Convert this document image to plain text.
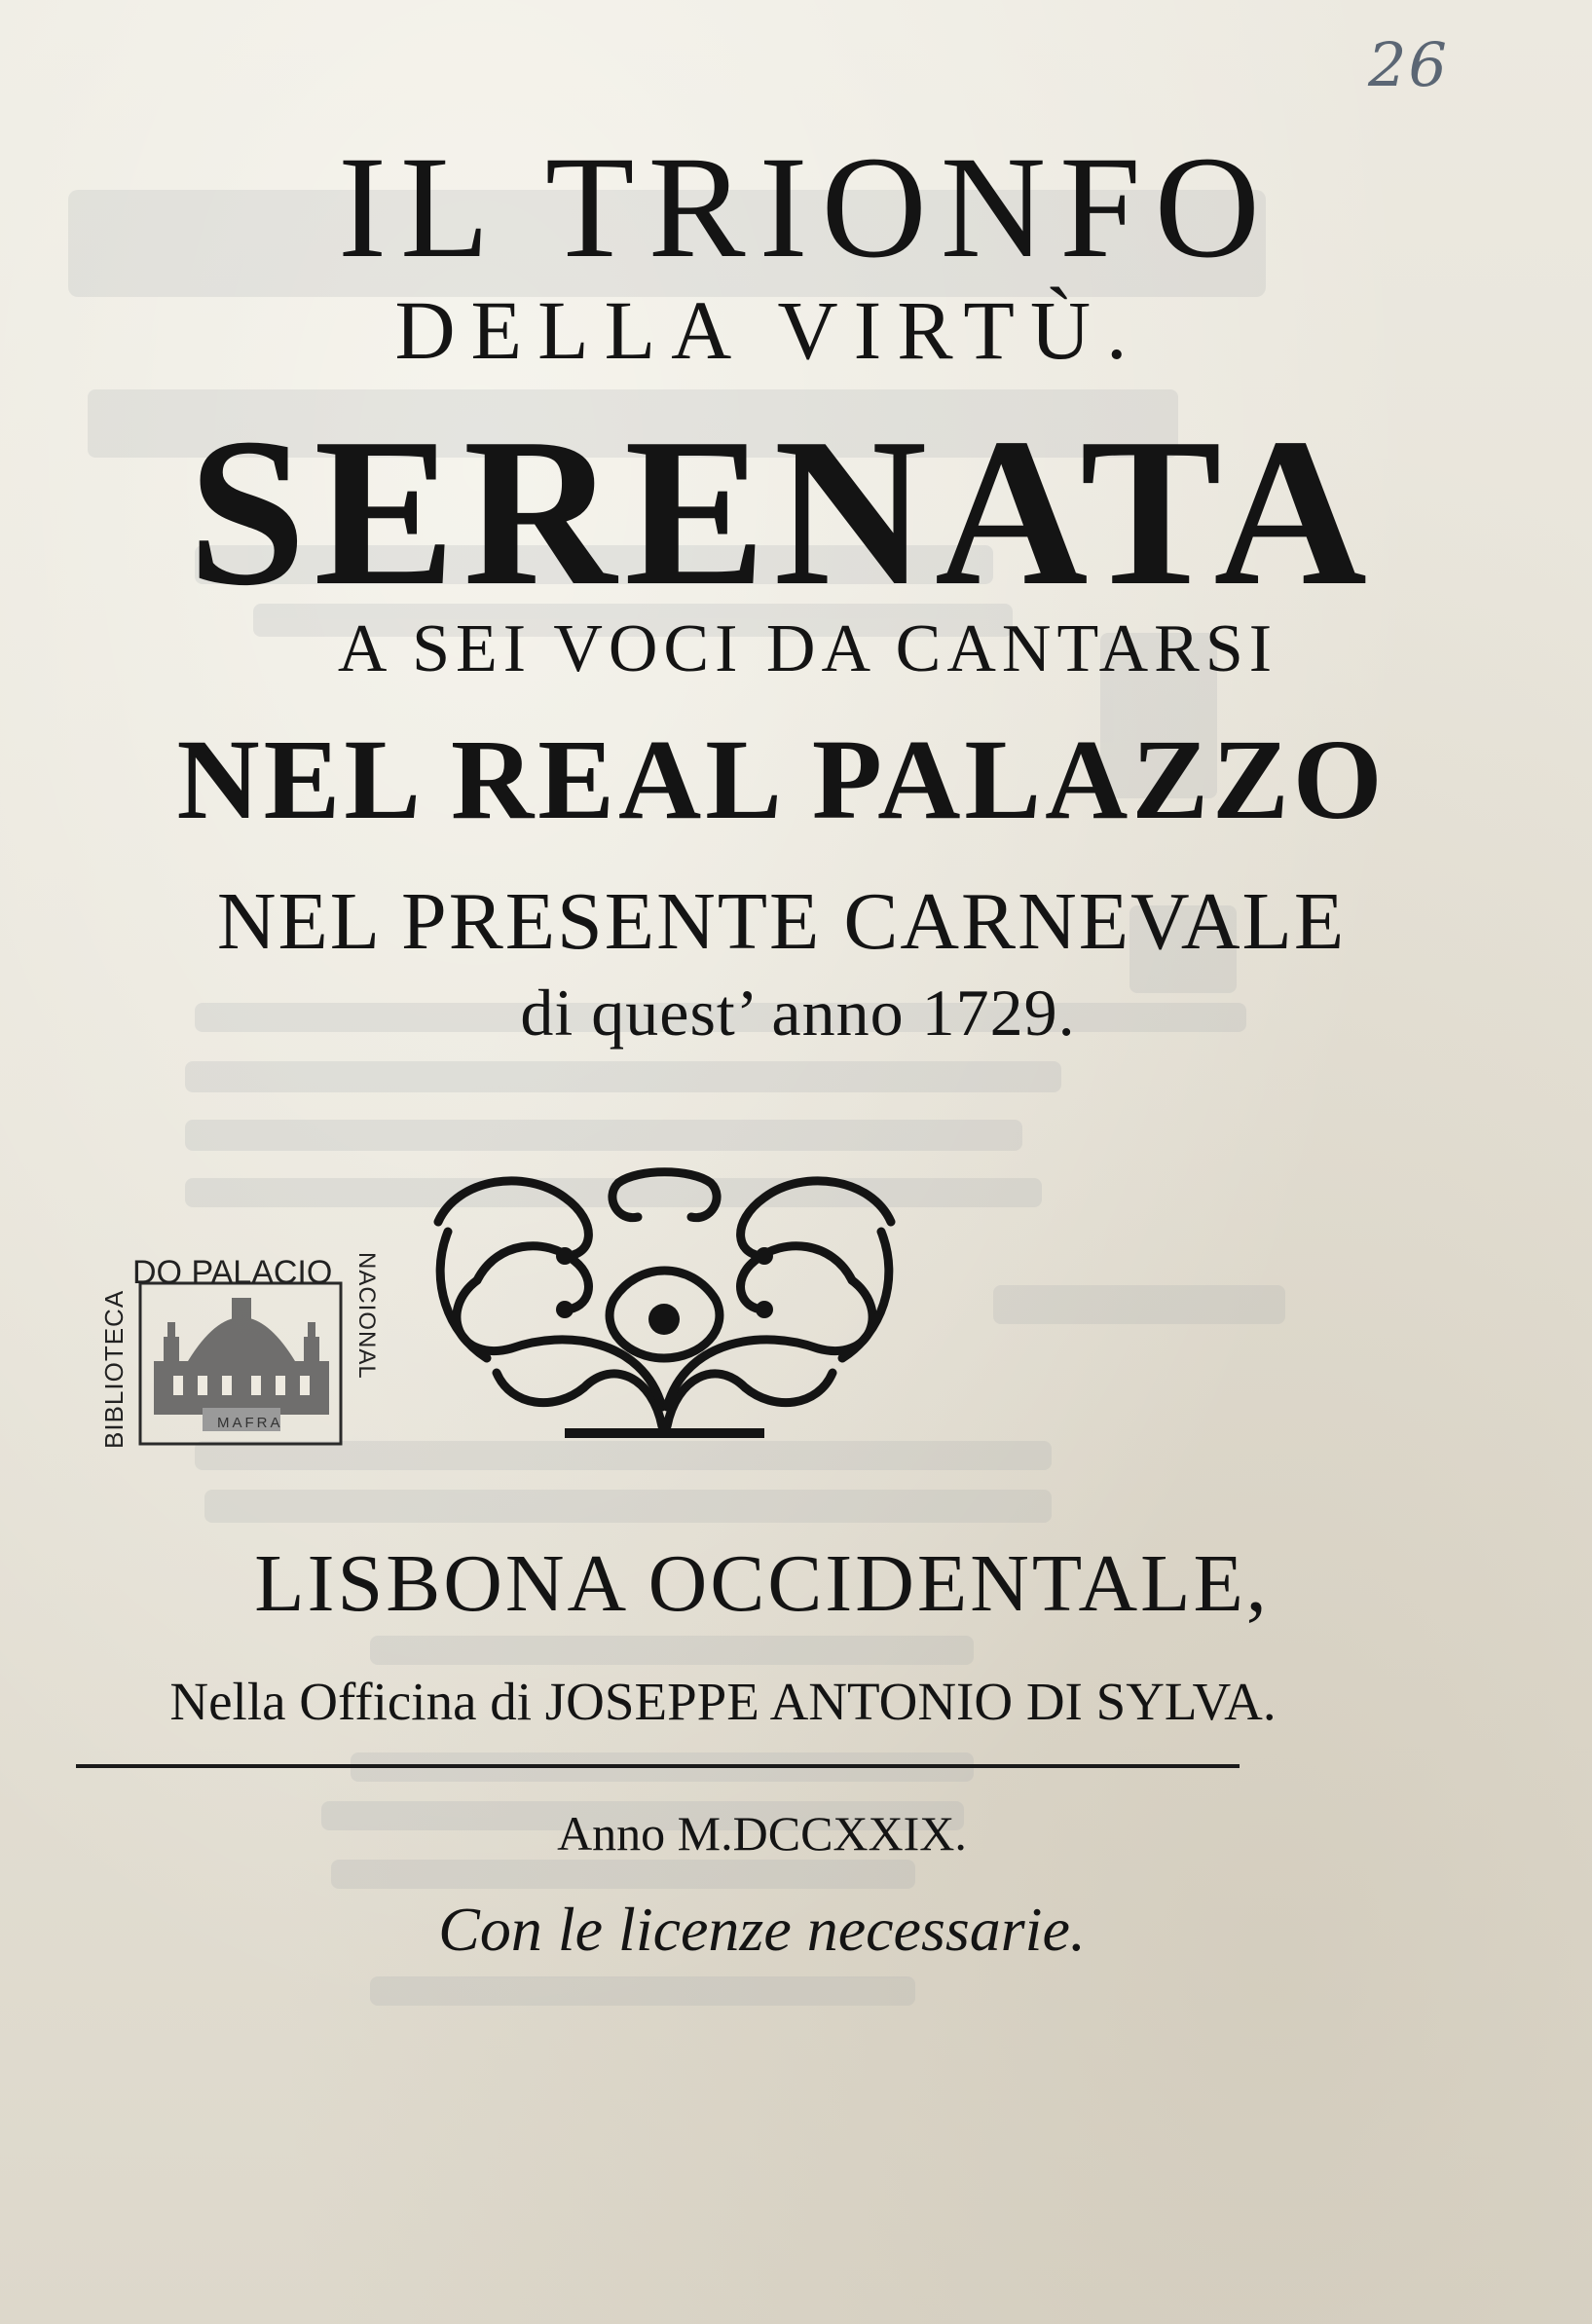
26
IL TRIONFO
DELLA VIRTÙ.
SERENATA
A SEI VOCI DA CANTARSI
NEL REAL PALAZZO
NEL PRESENTE CARNEVALE
di quest’ anno 1729.
DO PALACIO
BIBLIOTECA	NACIONAL
MAFRA
LISBONA OCCIDENTALE,
Nella Officina di JOSEPPE ANTONIO DI SYLVA.
Anno M.DCCXXIX.
Con le licenze necessarie.
